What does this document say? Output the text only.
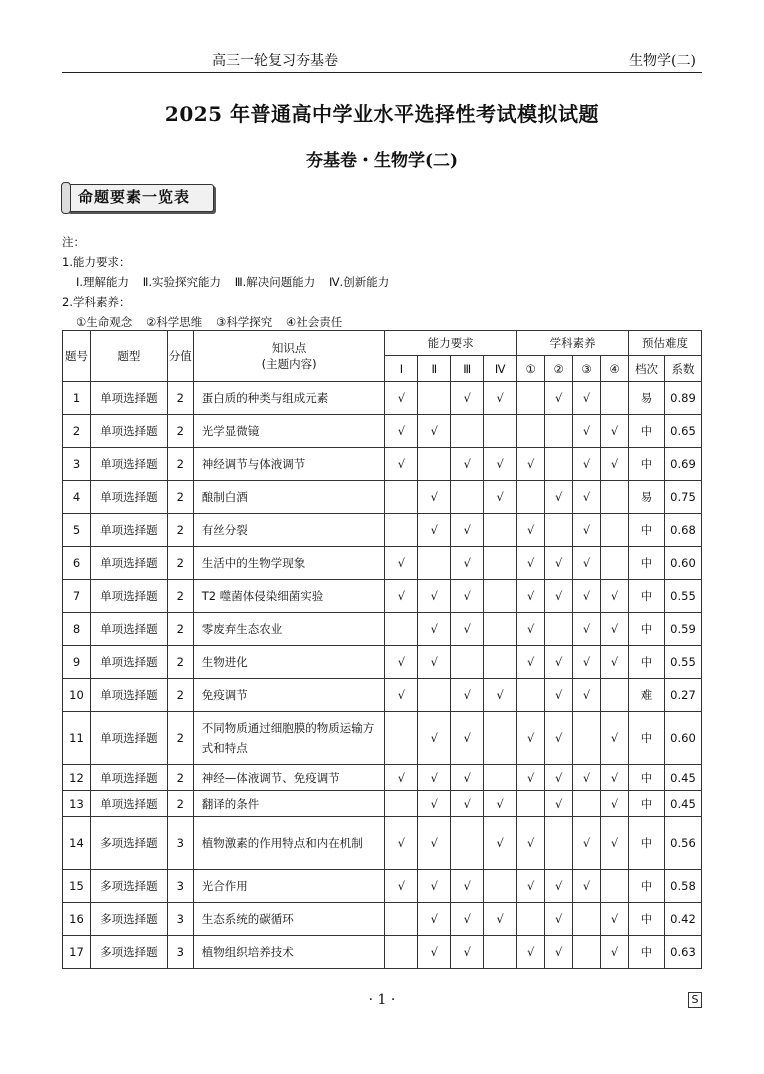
高三一轮复习夯基卷	生物学(二)
2025 年普通高中学业水平选择性考试模拟试题
夯基卷・生物学(二)
命题要素一览表
注：
1.能力要求：
Ⅰ.理解能力 Ⅱ.实验探究能力 Ⅲ.解决问题能力 Ⅳ.创新能力
2.学科素养：
①生命观念 ②科学思维 ③科学探究 ④社会责任
题号	题型	分值	知识点
(主题内容)	能力要求				学科素养				预估难度	
				Ⅰ	Ⅱ	Ⅲ	Ⅳ	①	②	③	④	档次	系数
1	单项选择题	2	蛋白质的种类与组成元素	√		√	√		√	√		易	0.89
2	单项选择题	2	光学显微镜	√	√					√	√	中	0.65
3	单项选择题	2	神经调节与体液调节	√		√	√	√		√	√	中	0.69
4	单项选择题	2	酿制白酒		√		√		√	√		易	0.75
5	单项选择题	2	有丝分裂		√	√		√		√		中	0.68
6	单项选择题	2	生活中的生物学现象	√		√		√	√	√		中	0.60
7	单项选择题	2	T2 噬菌体侵染细菌实验	√	√	√		√	√	√	√	中	0.55
8	单项选择题	2	零废弃生态农业		√	√		√		√	√	中	0.59
9	单项选择题	2	生物进化	√	√			√	√	√	√	中	0.55
10	单项选择题	2	免疫调节	√		√	√		√	√		难	0.27
11	单项选择题	2	不同物质通过细胞膜的物质运输方式和特点		√	√		√	√		√	中	0.60
12	单项选择题	2	神经—体液调节、免疫调节	√	√	√		√	√	√	√	中	0.45
13	单项选择题	2	翻译的条件		√	√	√		√		√	中	0.45
14	多项选择题	3	植物激素的作用特点和内在机制	√	√		√	√		√	√	中	0.56
15	多项选择题	3	光合作用	√	√	√		√	√	√		中	0.58
16	多项选择题	3	生态系统的碳循环		√	√	√		√		√	中	0.42
17	多项选择题	3	植物组织培养技术		√	√		√	√		√	中	0.63
· 1 ·	S
